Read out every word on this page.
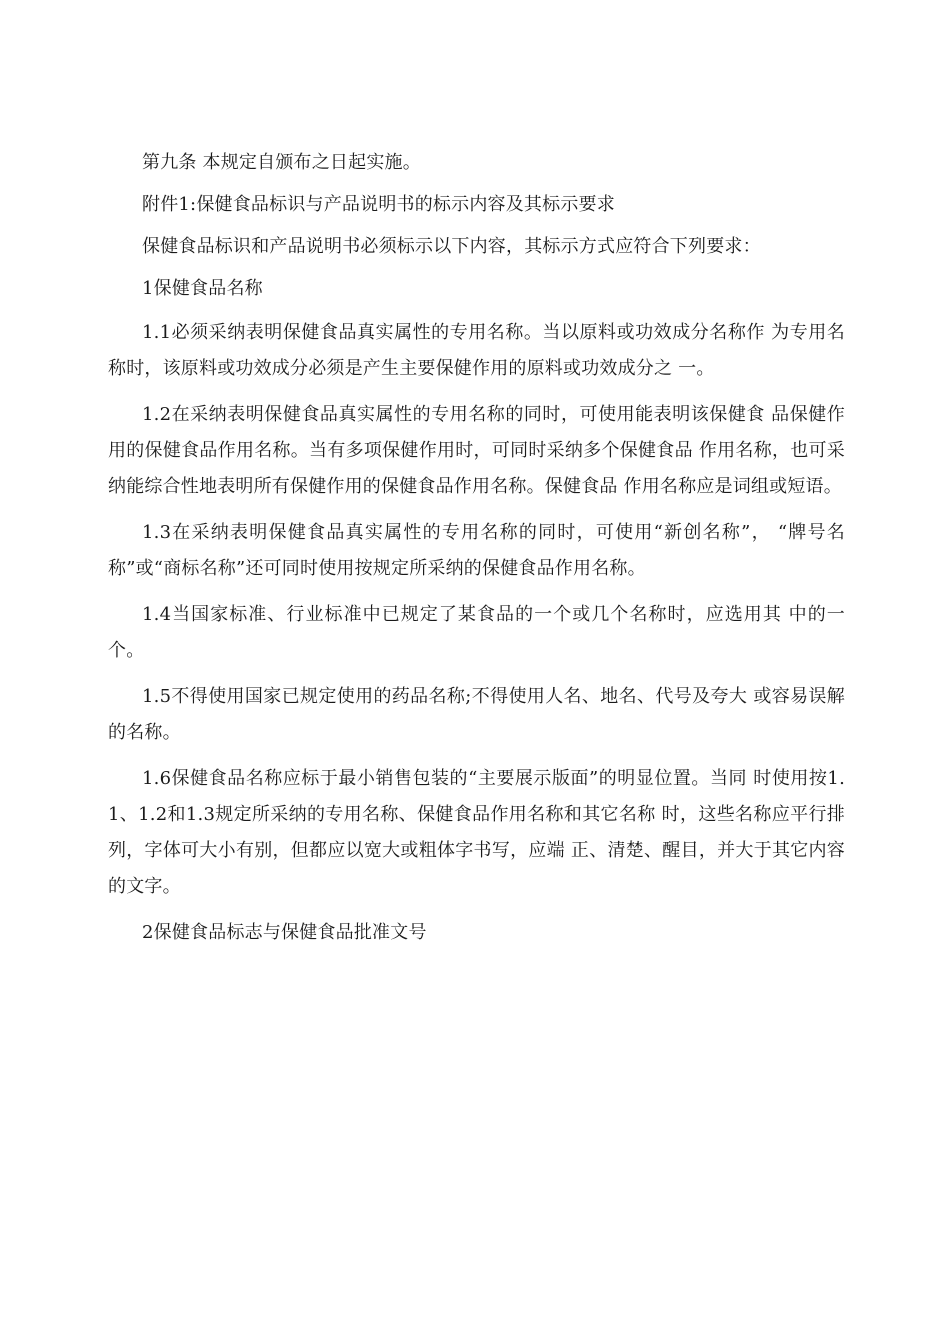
第九条 本规定自颁布之日起实施。

附件1:保健食品标识与产品说明书的标示内容及其标示要求

保健食品标识和产品说明书必须标示以下内容，其标示方式应符合下列要求：

1保健食品名称

1.1必须采纳表明保健食品真实属性的专用名称。当以原料或功效成分名称作 为专用名称时，该原料或功效成分必须是产生主要保健作用的原料或功效成分之 一。

1.2在采纳表明保健食品真实属性的专用名称的同时，可使用能表明该保健食 品保健作用的保健食品作用名称。当有多项保健作用时，可同时采纳多个保健食品 作用名称，也可采纳能综合性地表明所有保健作用的保健食品作用名称。保健食品 作用名称应是词组或短语。

1.3在采纳表明保健食品真实属性的专用名称的同时，可使用“新创名称”， “牌号名称”或“商标名称”还可同时使用按规定所采纳的保健食品作用名称。

1.4当国家标准、行业标准中已规定了某食品的一个或几个名称时，应选用其 中的一个。

1.5不得使用国家已规定使用的药品名称;不得使用人名、地名、代号及夸大 或容易误解的名称。

1.6保健食品名称应标于最小销售包装的“主要展示版面”的明显位置。当同 时使用按1.1、1.2和1.3规定所采纳的专用名称、保健食品作用名称和其它名称 时，这些名称应平行排列，字体可大小有别，但都应以宽大或粗体字书写，应端 正、清楚、醒目，并大于其它内容的文字。

2保健食品标志与保健食品批准文号
